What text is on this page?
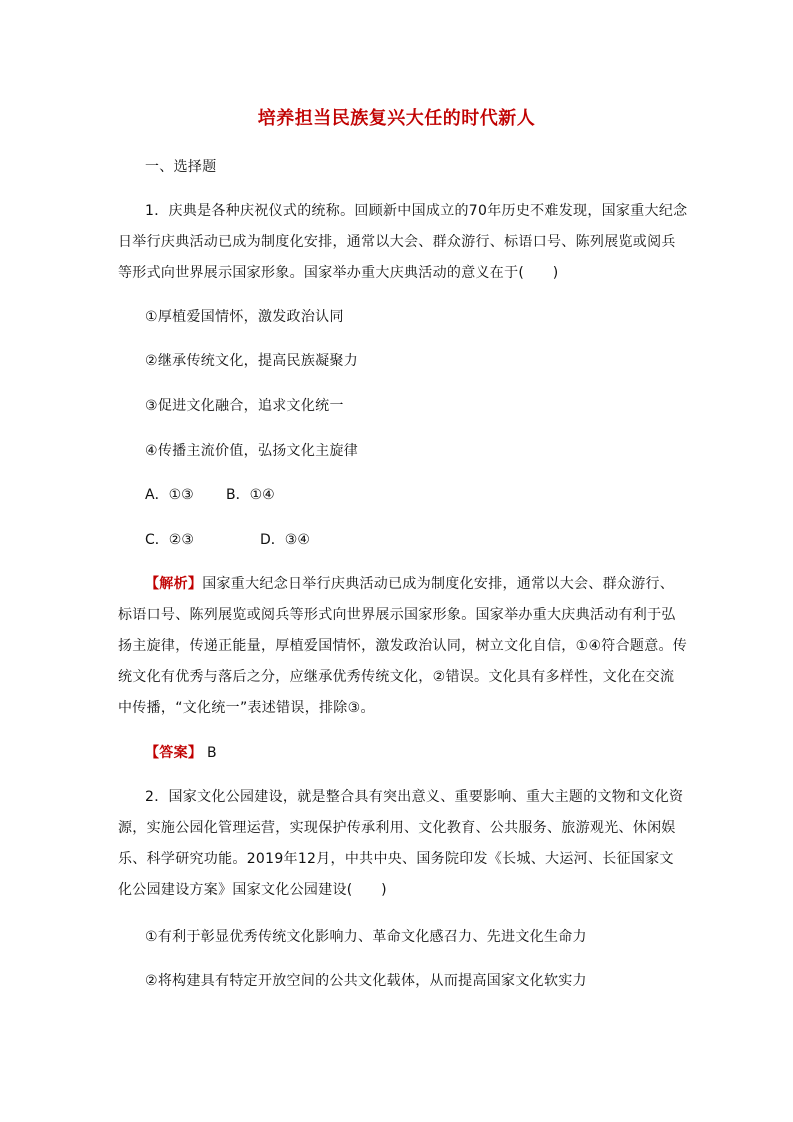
培养担当民族复兴大任的时代新人
一、选择题

1．庆典是各种庆祝仪式的统称。回顾新中国成立的70年历史不难发现，国家重大纪念日举行庆典活动已成为制度化安排，通常以大会、群众游行、标语口号、陈列展览或阅兵等形式向世界展示国家形象。国家举办重大庆典活动的意义在于(　　)

①厚植爱国情怀，激发政治认同
②继承传统文化，提高民族凝聚力
③促进文化融合，追求文化统一
④传播主流价值，弘扬文化主旋律
A．①③ B．①④
C．②③	D．③④

【解析】国家重大纪念日举行庆典活动已成为制度化安排，通常以大会、群众游行、标语口号、陈列展览或阅兵等形式向世界展示国家形象。国家举办重大庆典活动有利于弘扬主旋律，传递正能量，厚植爱国情怀，激发政治认同，树立文化自信，①④符合题意。传统文化有优秀与落后之分，应继承优秀传统文化，②错误。文化具有多样性，文化在交流中传播，“文化统一”表述错误，排除③。

【答案】 B

2．国家文化公园建设，就是整合具有突出意义、重要影响、重大主题的文物和文化资源，实施公园化管理运营，实现保护传承利用、文化教育、公共服务、旅游观光、休闲娱乐、科学研究功能。2019年12月，中共中央、国务院印发《长城、大运河、长征国家文化公园建设方案》国家文化公园建设(　　)

①有利于彰显优秀传统文化影响力、革命文化感召力、先进文化生命力
②将构建具有特定开放空间的公共文化载体，从而提高国家文化软实力
